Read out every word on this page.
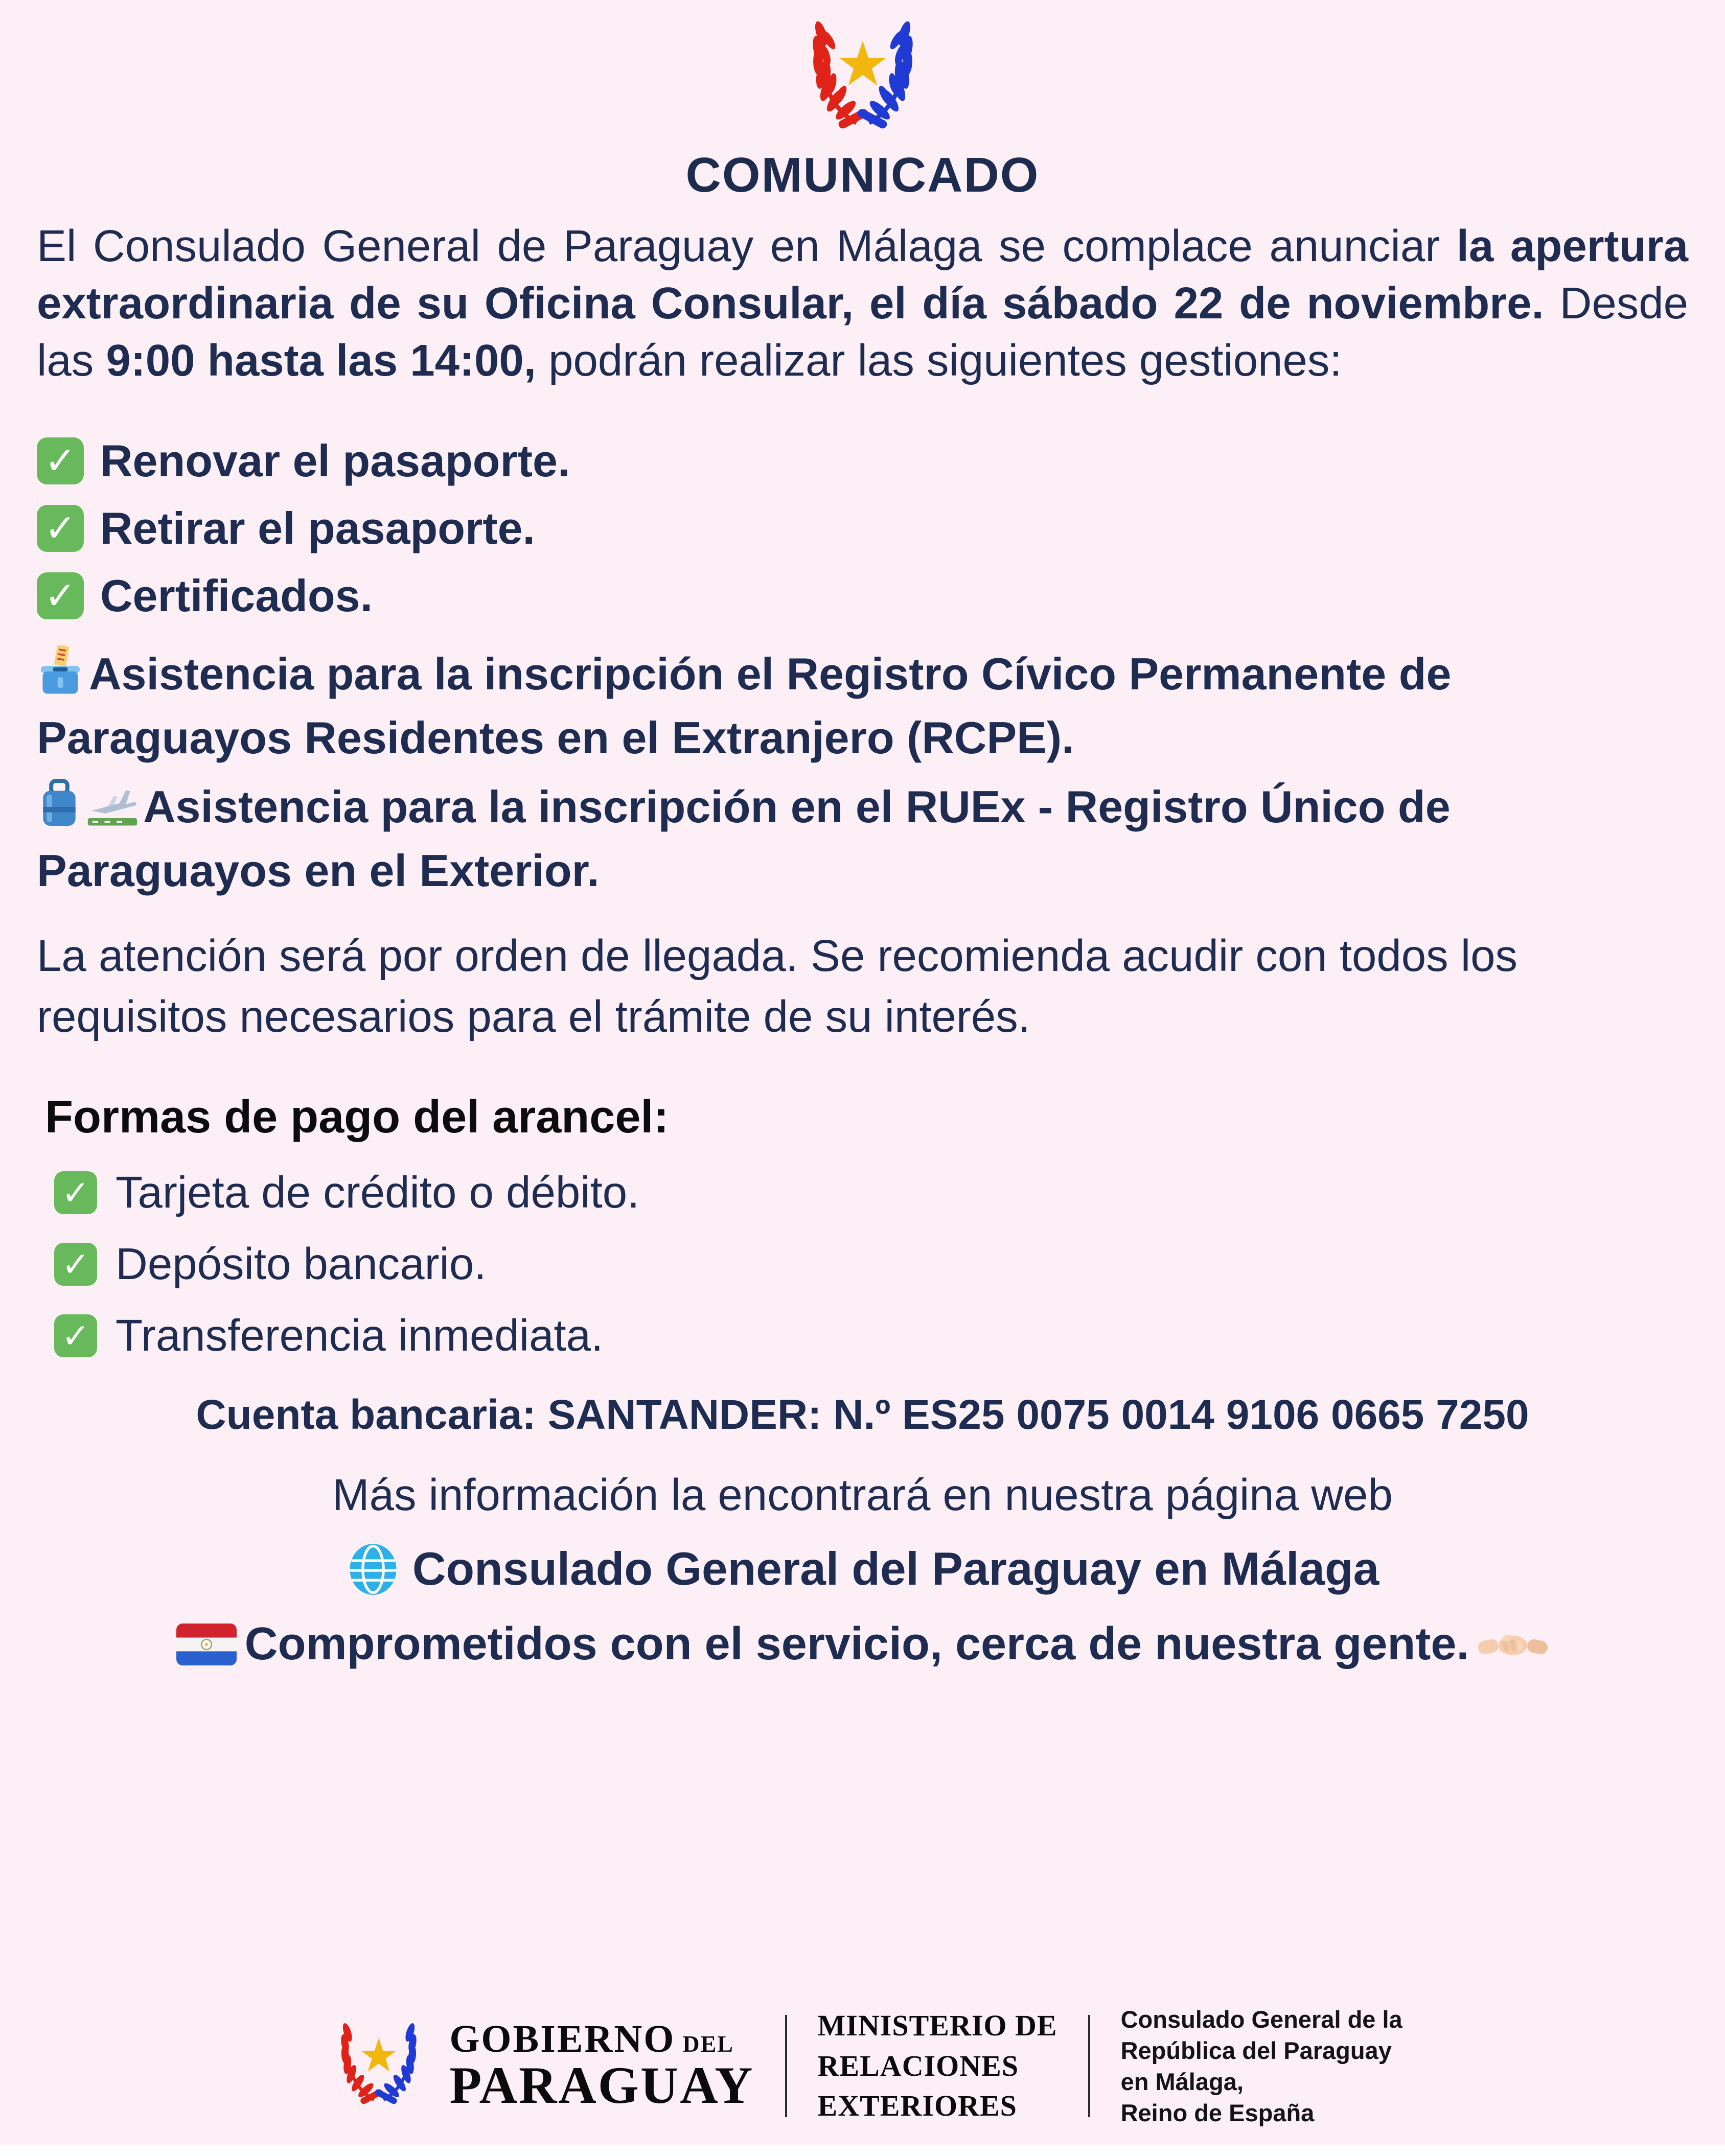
COMUNICADO

El Consulado General de Paraguay en Málaga se complace anunciar la apertura extraordinaria de su Oficina Consular, el día sábado 22 de noviembre. Desde las 9:00 hasta las 14:00, podrán realizar las siguientes gestiones:

✓ Renovar el pasaporte.
✓ Retirar el pasaporte.
✓ Certificados.

Asistencia para la inscripción el Registro Cívico Permanente de Paraguayos Residentes en el Extranjero (RCPE).

Asistencia para la inscripción en el RUEx - Registro Único de Paraguayos en el Exterior.

La atención será por orden de llegada. Se recomienda acudir con todos los requisitos necesarios para el trámite de su interés.

Formas de pago del arancel:
✓ Tarjeta de crédito o débito.
✓ Depósito bancario.
✓ Transferencia inmediata.
Cuenta bancaria: SANTANDER: N.º ES25 0075 0014 9106 0665 7250
Más información la encontrará en nuestra página web
Consulado General del Paraguay en Málaga
Comprometidos con el servicio, cerca de nuestra gente.
GOBIERNO DEL
PARAGUAY
MINISTERIO DE
RELACIONES
EXTERIORES
Consulado General de la
República del Paraguay
en Málaga,
Reino de España
